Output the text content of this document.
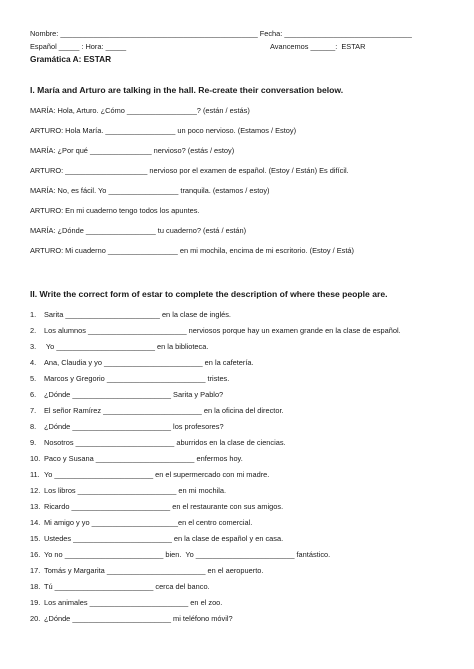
Nombre: ________________________________________________ Fecha: _______________________________
Español _____ : Hora: _____	Avancemos ______:  ESTAR
Gramática A: ESTAR
I. María and Arturo are talking in the hall. Re-create their conversation below.
MARÍA: Hola, Arturo. ¿Cómo _________________? (están / estás)
ARTURO: Hola María. _________________ un poco nervioso. (Estamos / Estoy)
MARÍA: ¿Por qué _______________ nervioso? (estás / estoy)
ARTURO: ____________________ nervioso por el examen de español. (Estoy / Están) Es difícil.
MARÍA: No, es fácil. Yo _________________ tranquila. (estamos / estoy)
ARTURO: En mi cuaderno tengo todos los apuntes.
MARÍA: ¿Dónde _________________ tu cuaderno? (está / están)
ARTURO: Mi cuaderno _________________ en mi mochila, encima de mi escritorio. (Estoy / Está)
II. Write the correct form of estar to complete the description of where these people are.
1. Sarita _______________________ en la clase de inglés.
2. Los alumnos ________________________ nerviosos porque hay un examen grande en la clase de español.
3. Yo ________________________ en la biblioteca.
4. Ana, Claudia y yo ________________________ en la cafetería.
5. Marcos y Gregorio ________________________ tristes.
6. ¿Dónde ________________________ Sarita y Pablo?
7. El señor Ramírez ________________________ en la oficina del director.
8. ¿Dónde ________________________ los profesores?
9. Nosotros ________________________ aburridos en la clase de ciencias.
10. Paco y Susana ________________________ enfermos hoy.
11. Yo ________________________ en el supermercado con mi madre.
12. Los libros ________________________ en mi mochila.
13. Ricardo ________________________ en el restaurante con sus amigos.
14. Mi amigo y yo _____________________en el centro comercial.
15. Ustedes ________________________ en la clase de español y en casa.
16. Yo no ________________________ bien.  Yo ________________________ fantástico.
17. Tomás y Margarita ________________________ en el aeropuerto.
18. Tú ________________________ cerca del banco.
19. Los animales ________________________ en el zoo.
20. ¿Dónde ________________________ mi teléfono móvil?
